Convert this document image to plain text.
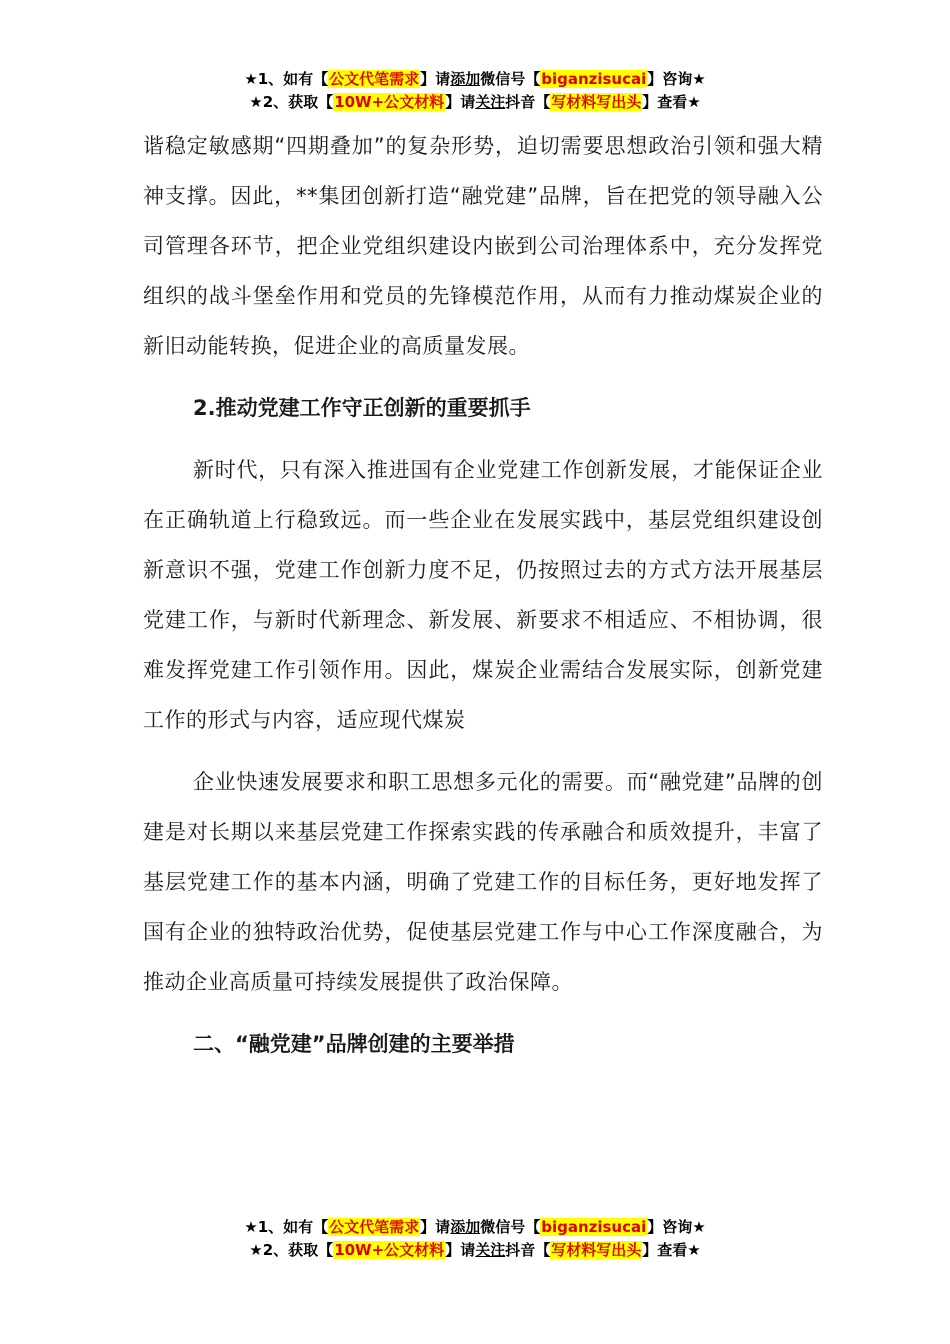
★1、如有【公文代笔需求】请添加微信号【biganzisucai】咨询★
★2、获取【10W+公文材料】请关注抖音【写材料写出头】查看★

谐稳定敏感期“四期叠加”的复杂形势，迫切需要思想政治引领和强大精神支撑。因此，**集团创新打造“融党建”品牌，旨在把党的领导融入公司管理各环节，把企业党组织建设内嵌到公司治理体系中，充分发挥党组织的战斗堡垒作用和党员的先锋模范作用，从而有力推动煤炭企业的新旧动能转换，促进企业的高质量发展。

2.推动党建工作守正创新的重要抓手

新时代，只有深入推进国有企业党建工作创新发展，才能保证企业在正确轨道上行稳致远。而一些企业在发展实践中，基层党组织建设创新意识不强，党建工作创新力度不足，仍按照过去的方式方法开展基层党建工作，与新时代新理念、新发展、新要求不相适应、不相协调，很难发挥党建工作引领作用。因此，煤炭企业需结合发展实际，创新党建工作的形式与内容，适应现代煤炭

企业快速发展要求和职工思想多元化的需要。而“融党建”品牌的创建是对长期以来基层党建工作探索实践的传承融合和质效提升，丰富了基层党建工作的基本内涵，明确了党建工作的目标任务，更好地发挥了国有企业的独特政治优势，促使基层党建工作与中心工作深度融合，为推动企业高质量可持续发展提供了政治保障。

二、“融党建”品牌创建的主要举措

★1、如有【公文代笔需求】请添加微信号【biganzisucai】咨询★
★2、获取【10W+公文材料】请关注抖音【写材料写出头】查看★
